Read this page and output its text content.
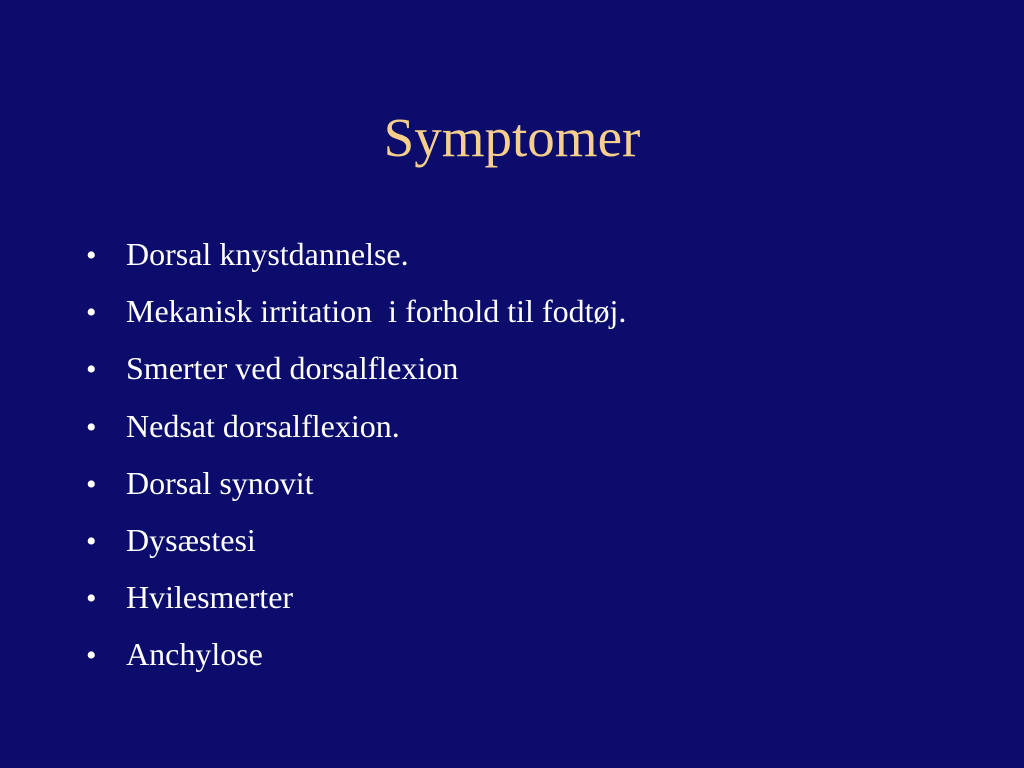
Symptomer
• Dorsal knystdannelse.
• Mekanisk irritation  i forhold til fodtøj.
• Smerter ved dorsalflexion
• Nedsat dorsalflexion.
• Dorsal synovit
• Dysæstesi
• Hvilesmerter
• Anchylose
